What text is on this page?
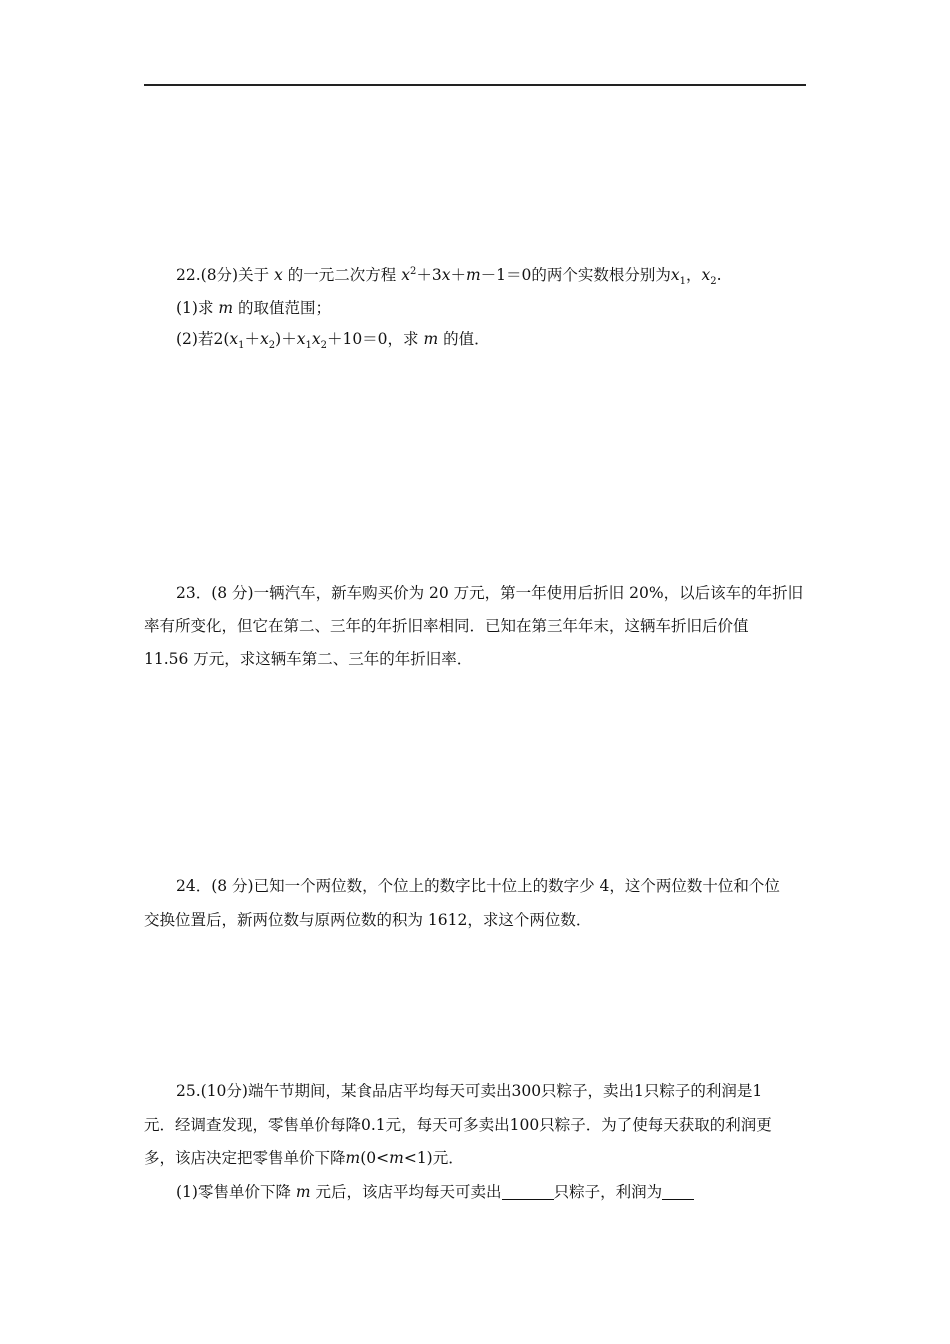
22.(8分)关于 x 的一元二次方程 $x^2+3x+m-1=0$的两个实数根分别为$x_1$，$x_2$.
(1)求 m 的取值范围；
(2)若$2(x_1+x_2)+x_1x_2+10=0$，求 m 的值．
23．(8 分)一辆汽车，新车购买价为 20 万元，第一年使用后折旧 20%，以后该车的年折旧
率有所变化，但它在第二、三年的年折旧率相同．已知在第三年年末，这辆车折旧后价值
11.56 万元，求这辆车第二、三年的年折旧率．
24．(8 分)已知一个两位数，个位上的数字比十位上的数字少 4，这个两位数十位和个位
交换位置后，新两位数与原两位数的积为 1612，求这个两位数．
25.(10分)端午节期间，某食品店平均每天可卖出300只粽子，卖出1只粽子的利润是1
元．经调查发现，零售单价每降0.1元，每天可多卖出100只粽子．为了使每天获取的利润更
多，该店决定把零售单价下降m(0<m<1)元．
(1)零售单价下降 m 元后，该店平均每天可卖出	只粽子，利润为
